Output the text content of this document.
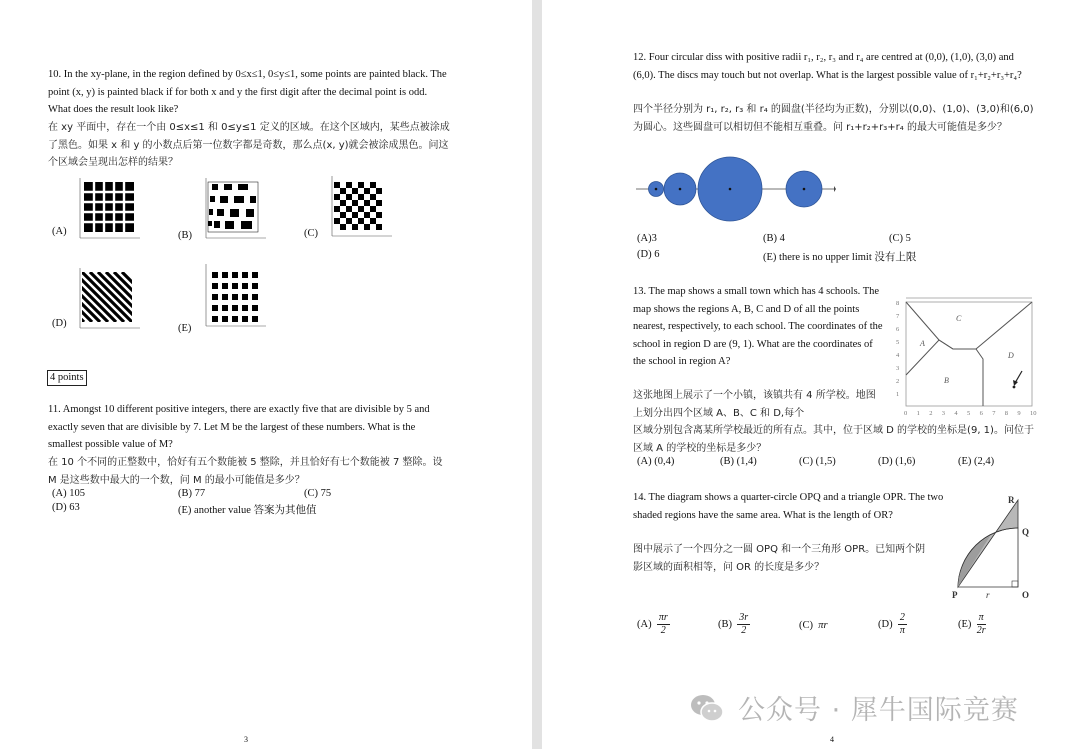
10. In the xy-plane, in the region defined by 0≤x≤1, 0≤y≤1, some points are painted black. The point (x, y) is painted black if for both x and y the first digit after the decimal point is odd. What does the result look like?
在 xy 平面中，存在一个由 0≤x≤1 和 0≤y≤1 定义的区域。在这个区域内，某些点被涂成了黑色。如果 x 和 y 的小数点后第一位数字都是奇数，那么点(x, y)就会被涂成黑色。问这个区域会呈现出怎样的结果？
(A)	(B)	(C)
(D)	(E)
4 points
11. Amongst 10 different positive integers, there are exactly five that are divisible by 5 and exactly seven that are divisible by 7. Let M be the largest of these numbers. What is the smallest possible value of M?
在 10 个不同的正整数中，恰好有五个数能被 5 整除，并且恰好有七个数能被 7 整除。设 M 是这些数中最大的一个数，问 M 的最小可能值是多少？
(A) 105	(B) 77	(C) 75
(D) 63	(E) another value 答案为其他值
3
12. Four circular diss with positive radii r₁, r₂, r₃ and r₄ are centred at (0,0), (1,0), (3,0) and (6,0). The discs may touch but not overlap. What is the largest possible value of r₁+r₂+r₃+r₄?
四个半径分别为 r₁, r₂, r₃ 和 r₄ 的圆盘(半径均为正数)，分别以(0,0)、(1,0)、(3,0)和(6,0)为圆心。这些圆盘可以相切但不能相互重叠。问 r₁+r₂+r₃+r₄ 的最大可能值是多少？
(A)3	(B) 4	(C) 5
(D) 6	(E) there is no upper limit 没有上限
13. The map shows a small town which has 4 schools. The map shows the regions A, B, C and D of all the points nearest, respectively, to each school. The coordinates of the school in region D are (9, 1). What are the coordinates of the school in region A?
这张地图上展示了一个小镇，该镇共有 4 所学校。地图上划分出四个区域 A、B、C 和 D,每个
区域分别包含离某所学校最近的所有点。其中，位于区域 D 的学校的坐标是(9, 1)。问位于区域 A 的学校的坐标是多少？
C
A
B
D
0 1 2 3 4 5 6 7 8 9 10
1
2
3
4
5
6
7
8
(A) (0,4)	(B) (1,4)	(C) (1,5)	(D) (1,6)	(E) (2,4)
14. The diagram shows a quarter-circle OPQ and a triangle OPR. The two shaded regions have the same area. What is the length of OR?
图中展示了一个四分之一圆 OPQ 和一个三角形 OPR。已知两个阴影区域的面积相等，问 OR 的长度是多少？
R
Q
P	O
r
$(A) \frac{\pi r}{2}$	$(B) \frac{3r}{2}$	(C) πr	$(D) \frac{2}{\pi}$	$(E) \frac{\pi}{2r}$
4
公众号 · 犀牛国际竞赛
